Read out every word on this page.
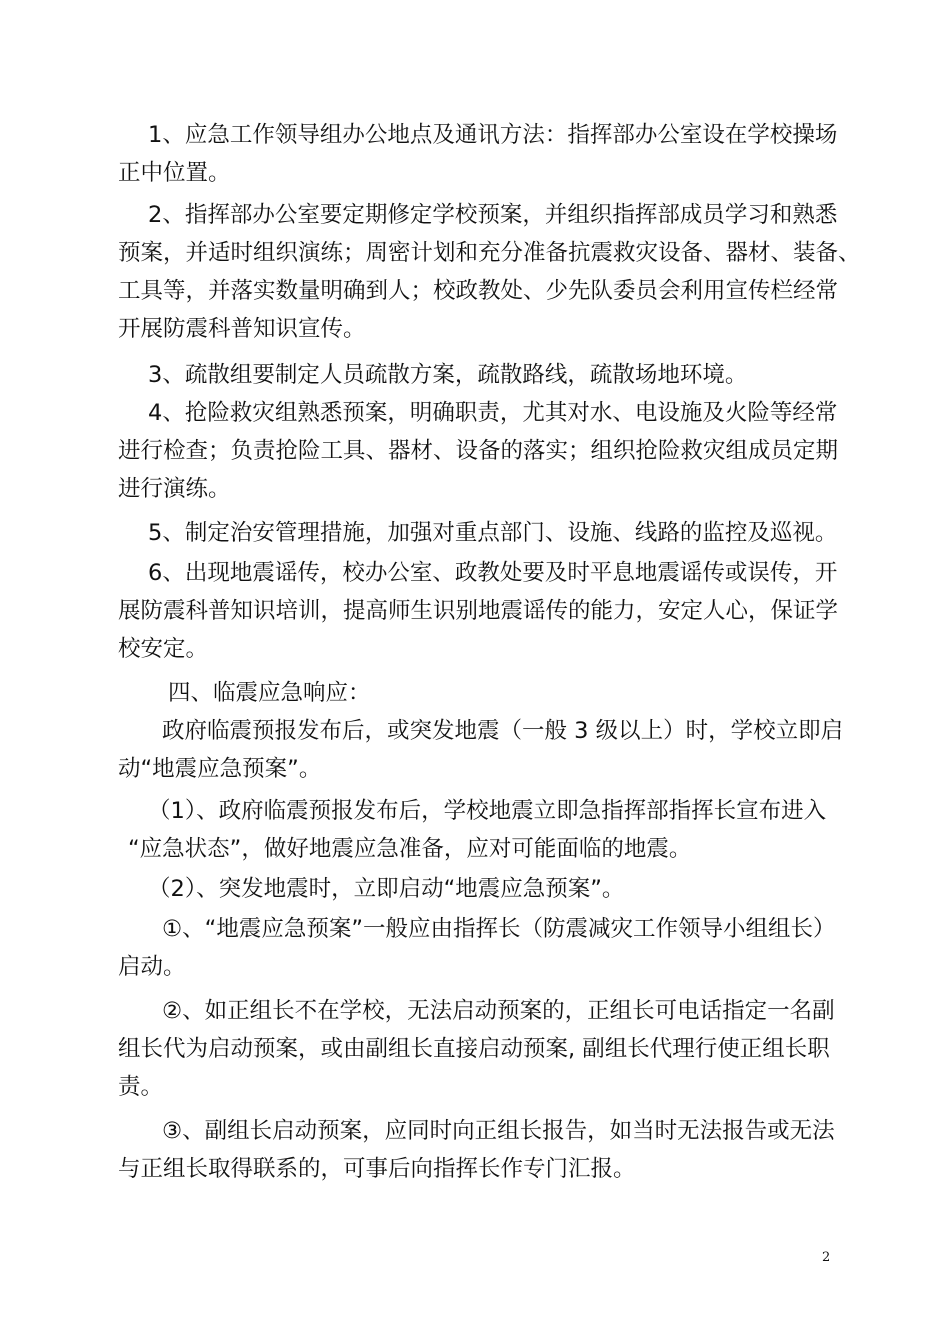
1、应急工作领导组办公地点及通讯方法：指挥部办公室设在学校操场
正中位置。
2、指挥部办公室要定期修定学校预案，并组织指挥部成员学习和熟悉
预案，并适时组织演练；周密计划和充分准备抗震救灾设备、器材、装备、
工具等，并落实数量明确到人；校政教处、少先队委员会利用宣传栏经常
开展防震科普知识宣传。
3、疏散组要制定人员疏散方案，疏散路线，疏散场地环境。
4、抢险救灾组熟悉预案，明确职责，尤其对水、电设施及火险等经常
进行检查；负责抢险工具、器材、设备的落实；组织抢险救灾组成员定期
进行演练。
5、制定治安管理措施，加强对重点部门、设施、线路的监控及巡视。
6、出现地震谣传，校办公室、政教处要及时平息地震谣传或误传，开
展防震科普知识培训，提高师生识别地震谣传的能力，安定人心，保证学
校安定。
四、临震应急响应：
政府临震预报发布后，或突发地震（一般 3 级以上）时，学校立即启
动“地震应急预案”。
（1）、政府临震预报发布后，学校地震立即急指挥部指挥长宣布进入
“应急状态”，做好地震应急准备，应对可能面临的地震。
（2）、突发地震时，立即启动“地震应急预案”。
①、“地震应急预案”一般应由指挥长（防震减灾工作领导小组组长）
启动。
②、如正组长不在学校，无法启动预案的，正组长可电话指定一名副
组长代为启动预案，或由副组长直接启动预案, 副组长代理行使正组长职
责。
③、副组长启动预案，应同时向正组长报告，如当时无法报告或无法
与正组长取得联系的，可事后向指挥长作专门汇报。
2
